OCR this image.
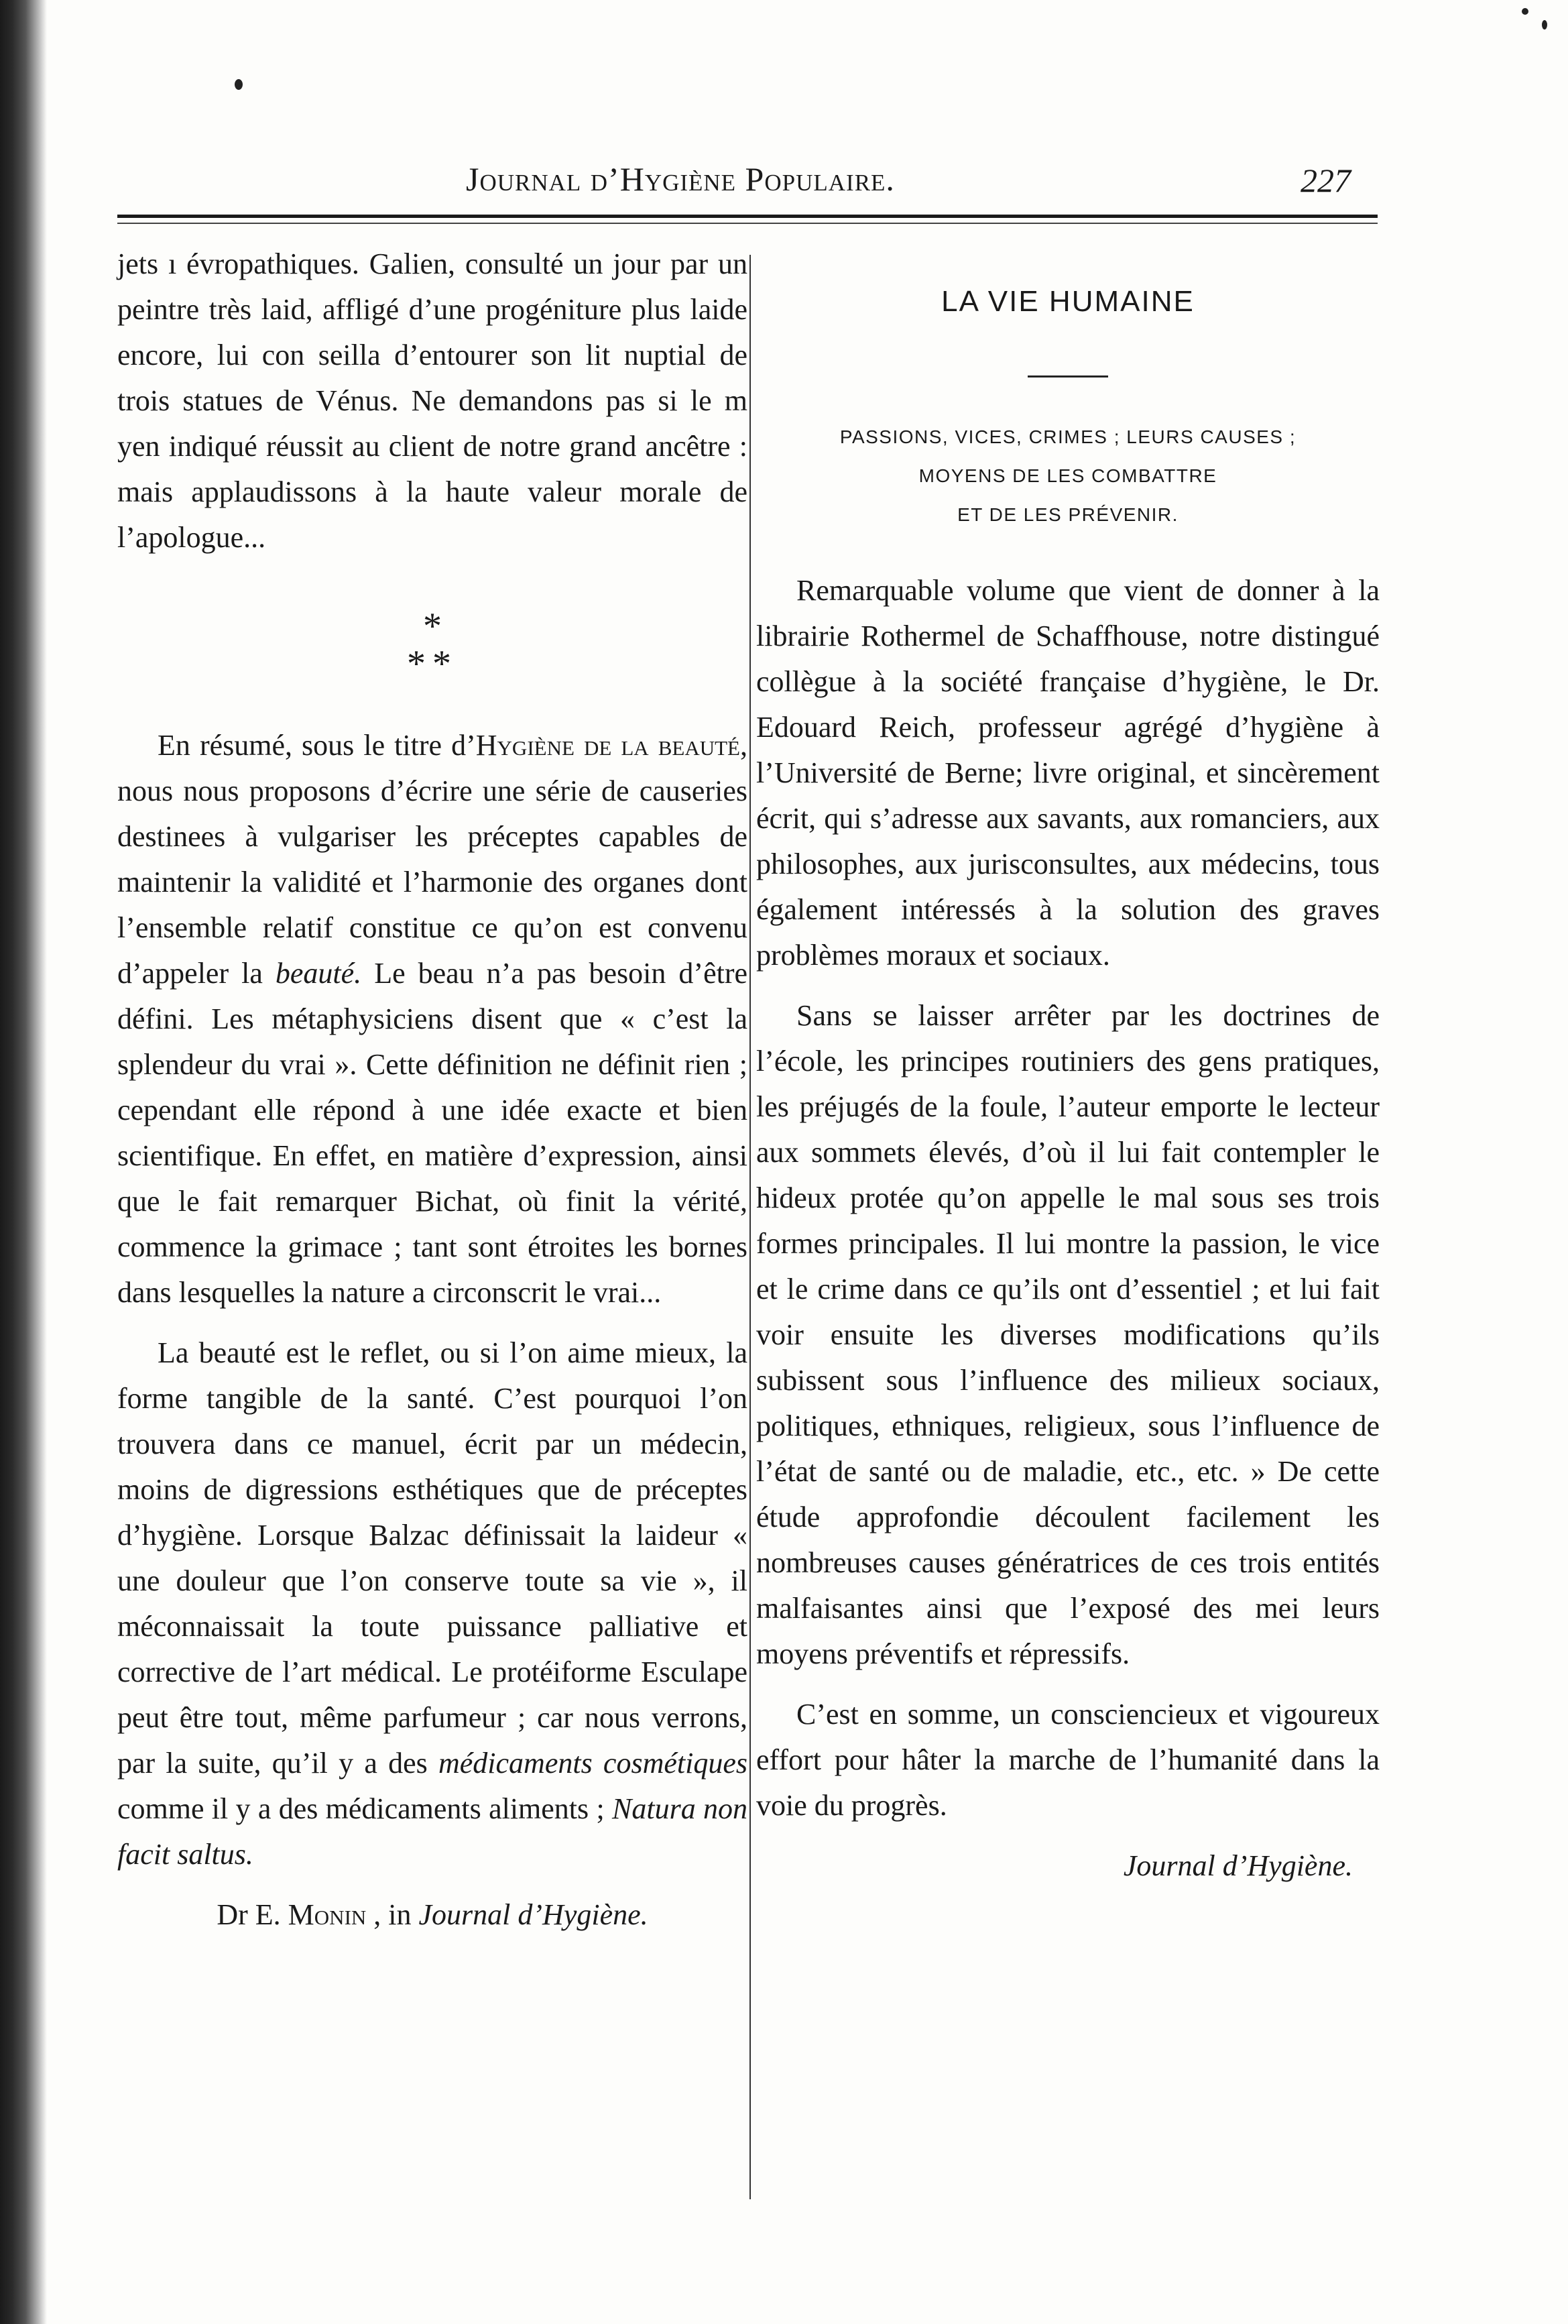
Journal d’Hygiène Populaire.	227

jets ı évropathiques. Galien, consulté un jour par un peintre très laid, affligé d’une progéniture plus laide encore, lui con seilla d’entourer son lit nuptial de trois statues de Vénus. Ne demandons pas si le m yen indiqué réussit au client de notre grand ancêtre : mais applaudissons à la haute valeur morale de l’apologue...

*
**

En résumé, sous le titre d’Hygiène de la beauté, nous nous proposons d’écrire une série de causeries destinees à vulgariser les préceptes capables de maintenir la validité et l’harmonie des organes dont l’ensemble relatif constitue ce qu’on est convenu d’appeler la beauté. Le beau n’a pas besoin d’être défini. Les métaphysiciens disent que « c’est la splendeur du vrai ». Cette définition ne définit rien ; cependant elle répond à une idée exacte et bien scientifique. En effet, en matière d’expression, ainsi que le fait remarquer Bichat, où finit la vérité, commence la grimace ; tant sont étroites les bornes dans lesquelles la nature a circonscrit le vrai...

La beauté est le reflet, ou si l’on aime mieux, la forme tangible de la santé. C’est pourquoi l’on trouvera dans ce manuel, écrit par un médecin, moins de digressions esthétiques que de préceptes d’hygiène. Lorsque Balzac définissait la laideur « une douleur que l’on conserve toute sa vie », il méconnaissait la toute puissance palliative et corrective de l’art médical. Le protéiforme Esculape peut être tout, même parfumeur ; car nous verrons, par la suite, qu’il y a des médicaments cosmétiques comme il y a des médicaments aliments ; Natura non facit saltus.

Dr E. Monin , in Journal d’Hygiène.

LA VIE HUMAINE
PASSIONS, VICES, CRIMES ; LEURS CAUSES ;
MOYENS DE LES COMBATTRE
ET DE LES PRÉVENIR.

Remarquable volume que vient de donner à la librairie Rothermel de Schaffhouse, notre distingué collègue à la société française d’hygiène, le Dr. Edouard Reich, professeur agrégé d’hygiène à l’Université de Berne; livre original, et sincèrement écrit, qui s’adresse aux savants, aux romanciers, aux philosophes, aux jurisconsultes, aux médecins, tous également intéressés à la solution des graves problèmes moraux et sociaux.

Sans se laisser arrêter par les doctrines de l’école, les principes routiniers des gens pratiques, les préjugés de la foule, l’auteur emporte le lecteur aux sommets élevés, d’où il lui fait contempler le hideux protée qu’on appelle le mal sous ses trois formes principales. Il lui montre la passion, le vice et le crime dans ce qu’ils ont d’essentiel ; et lui fait voir ensuite les diverses modifications qu’ils subissent sous l’influence des milieux sociaux, politiques, ethniques, religieux, sous l’influence de l’état de santé ou de maladie, etc., etc. » De cette étude approfondie découlent facilement les nombreuses causes génératrices de ces trois entités malfaisantes ainsi que l’exposé des mei leurs moyens préventifs et répressifs.

C’est en somme, un consciencieux et vigoureux effort pour hâter la marche de l’humanité dans la voie du progrès.

Journal d’Hygiène.
